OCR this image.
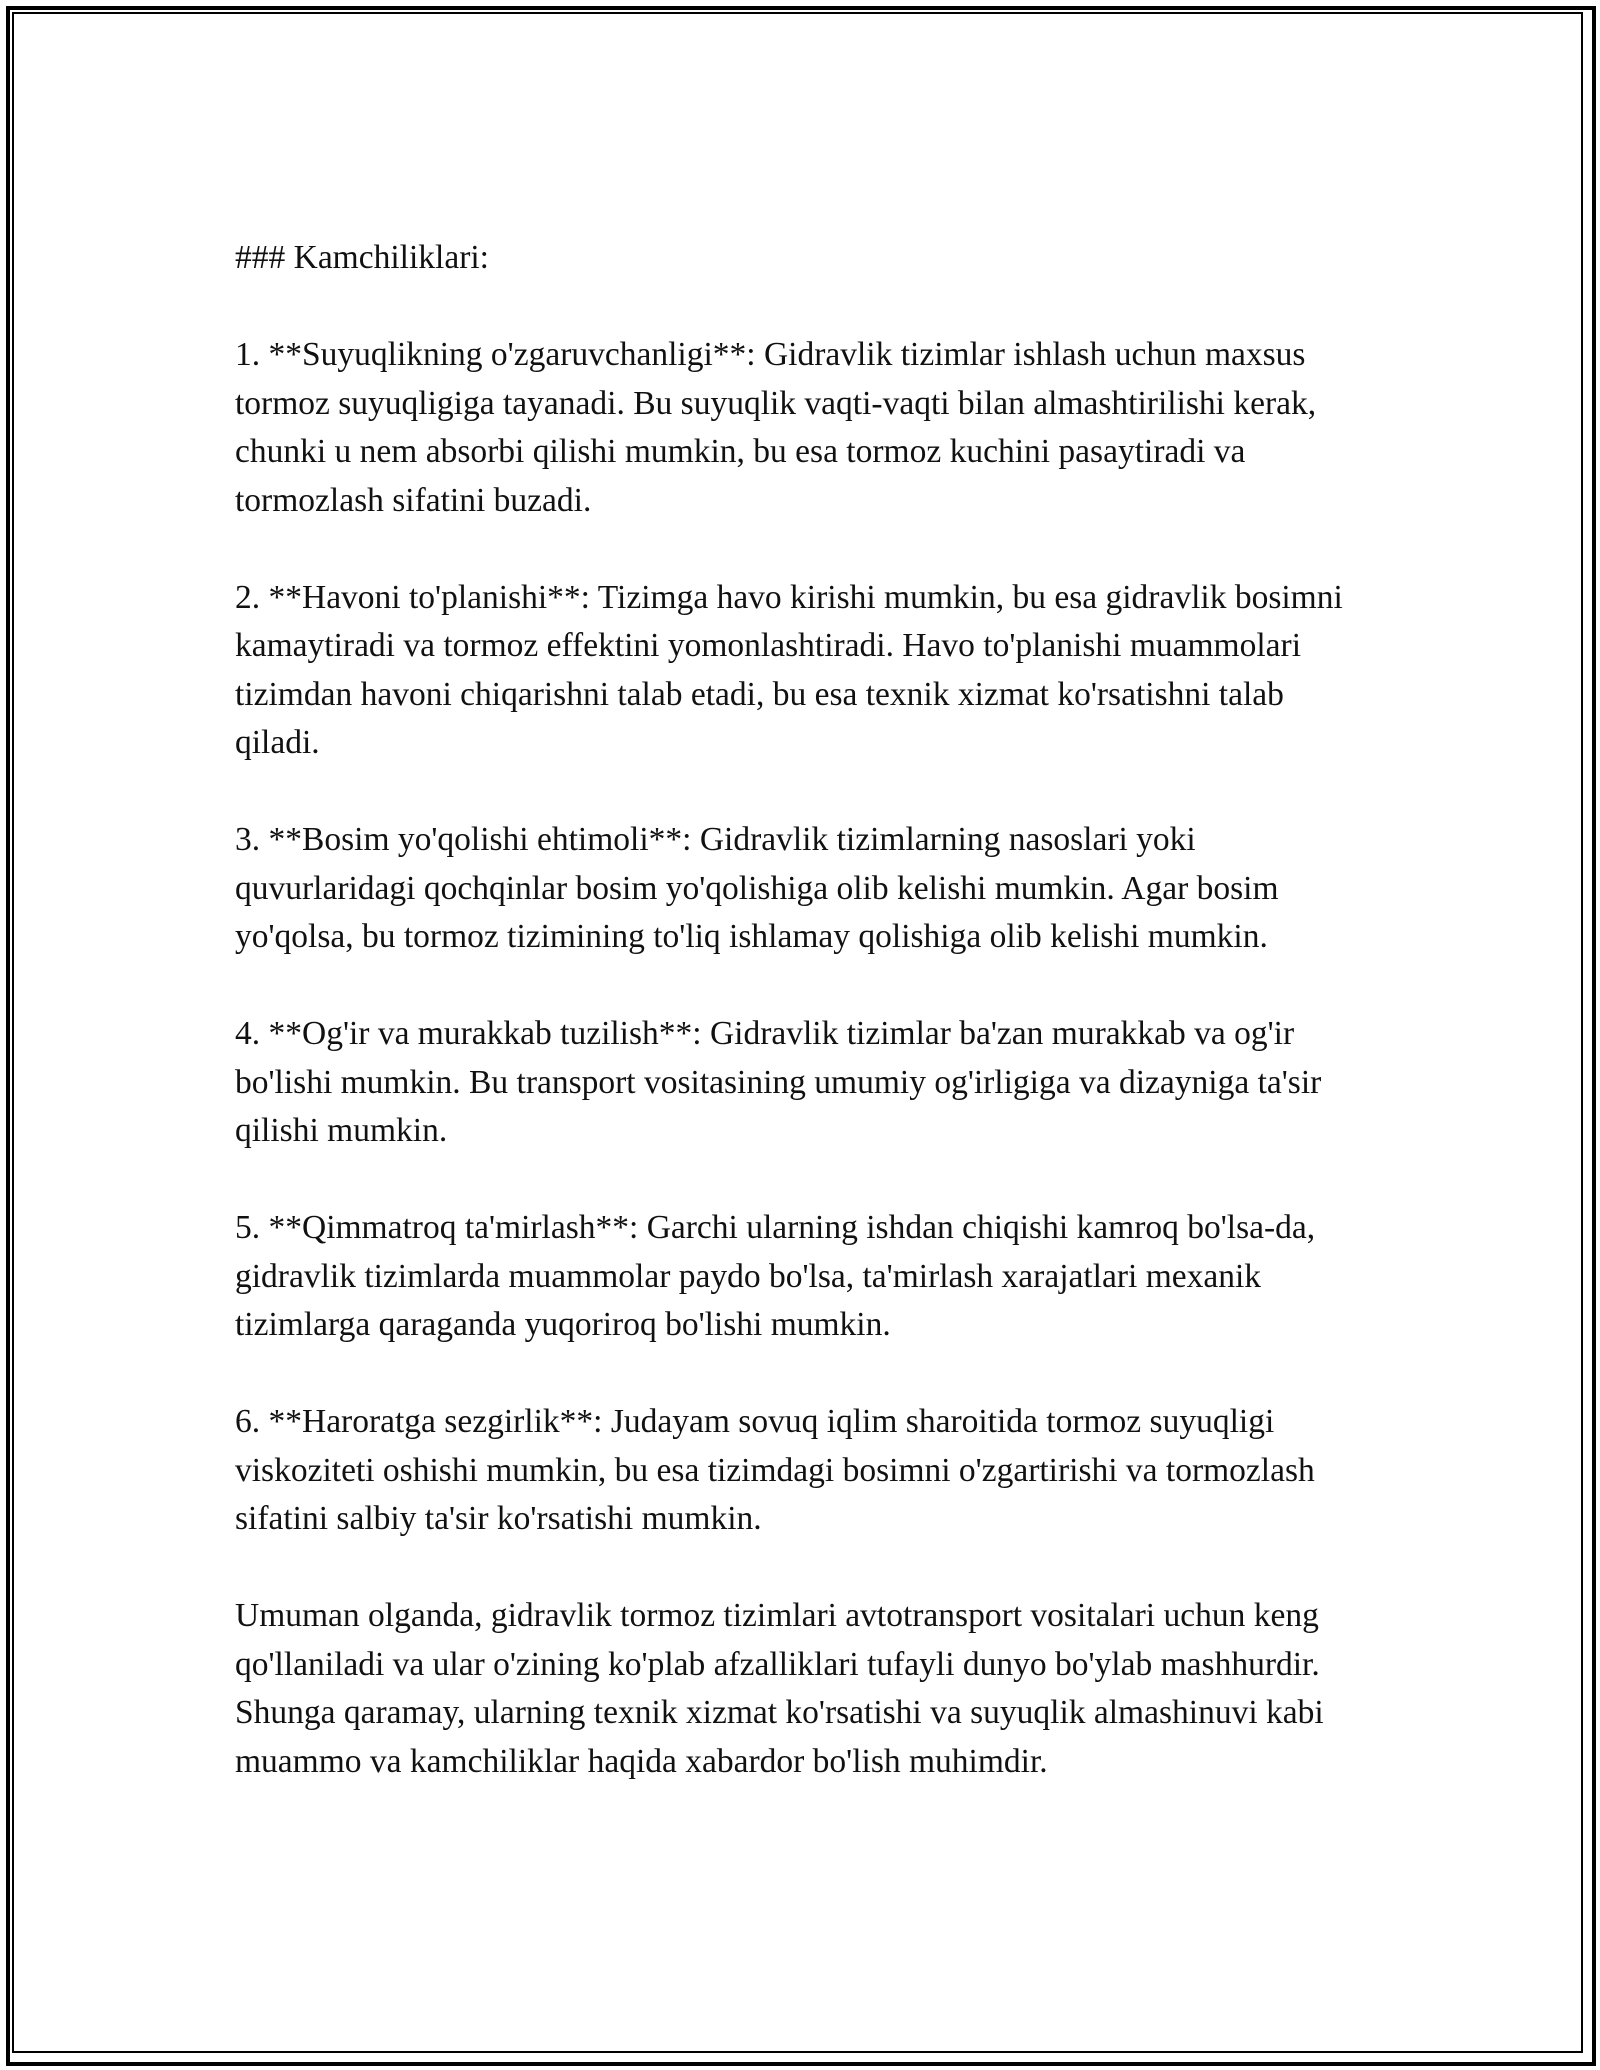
### Kamchiliklari:

1. **Suyuqlikning o'zgaruvchanligi**: Gidravlik tizimlar ishlash uchun maxsus tormoz suyuqligiga tayanadi. Bu suyuqlik vaqti-vaqti bilan almashtirilishi kerak, chunki u nem absorbi qilishi mumkin, bu esa tormoz kuchini pasaytiradi va tormozlash sifatini buzadi.

2. **Havoni to'planishi**: Tizimga havo kirishi mumkin, bu esa gidravlik bosimni kamaytiradi va tormoz effektini yomonlashtiradi. Havo to'planishi muammolari tizimdan havoni chiqarishni talab etadi, bu esa texnik xizmat ko'rsatishni talab qiladi.

3. **Bosim yo'qolishi ehtimoli**: Gidravlik tizimlarning nasoslari yoki quvurlaridagi qochqinlar bosim yo'qolishiga olib kelishi mumkin. Agar bosim yo'qolsa, bu tormoz tizimining to'liq ishlamay qolishiga olib kelishi mumkin.

4. **Og'ir va murakkab tuzilish**: Gidravlik tizimlar ba'zan murakkab va og'ir bo'lishi mumkin. Bu transport vositasining umumiy og'irligiga va dizayniga ta'sir qilishi mumkin.

5. **Qimmatroq ta'mirlash**: Garchi ularning ishdan chiqishi kamroq bo'lsa-da, gidravlik tizimlarda muammolar paydo bo'lsa, ta'mirlash xarajatlari mexanik tizimlarga qaraganda yuqoriroq bo'lishi mumkin.

6. **Haroratga sezgirlik**: Judayam sovuq iqlim sharoitida tormoz suyuqligi viskoziteti oshishi mumkin, bu esa tizimdagi bosimni o'zgartirishi va tormozlash sifatini salbiy ta'sir ko'rsatishi mumkin.

Umuman olganda, gidravlik tormoz tizimlari avtotransport vositalari uchun keng qo'llaniladi va ular o'zining ko'plab afzalliklari tufayli dunyo bo'ylab mashhurdir. Shunga qaramay, ularning texnik xizmat ko'rsatishi va suyuqlik almashinuvi kabi muammo va kamchiliklar haqida xabardor bo'lish muhimdir.
